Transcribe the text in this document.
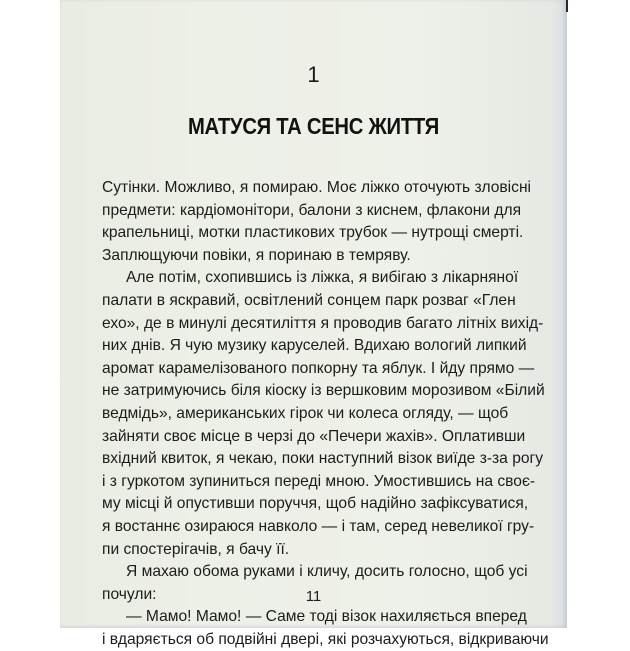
1
МАТУСЯ ТА СЕНС ЖИТТЯ
Сутінки. Можливо, я помираю. Моє ліжко оточують зловісні
предмети: кардіомонітори, балони з киснем, флакони для
крапельниці, мотки пластикових трубок — нутрощі смерті.
Заплющуючи повіки, я поринаю в темряву.
Але потім, схопившись із ліжка, я вибігаю з лікарняної
палати в яскравий, освітлений сонцем парк розваг «Глен
ехо», де в минулі десятиліття я проводив багато літніх вихід-
них днів. Я чую музику каруселей. Вдихаю вологий липкий
аромат карамелізованого попкорну та яблук. І йду прямо —
не затримуючись біля кіоску із вершковим морозивом «Білий
ведмідь», американських гірок чи колеса огляду, — щоб
зайняти своє місце в черзі до «Печери жахів». Оплативши
вхідний квиток, я чекаю, поки наступний візок виїде з-за рогу
і з гуркотом зупиниться переді мною. Умостившись на своє-
му місці й опустивши поруччя, щоб надійно зафіксуватися,
я востаннє озираюся навколо — і там, серед невеликої гру-
пи спостерігачів, я бачу її.
Я махаю обома руками і кличу, досить голосно, щоб усі
почули:
— Мамо! Мамо! — Саме тоді візок нахиляється вперед
і вдаряється об подвійні двері, які розчахуються, відкриваючи
11
